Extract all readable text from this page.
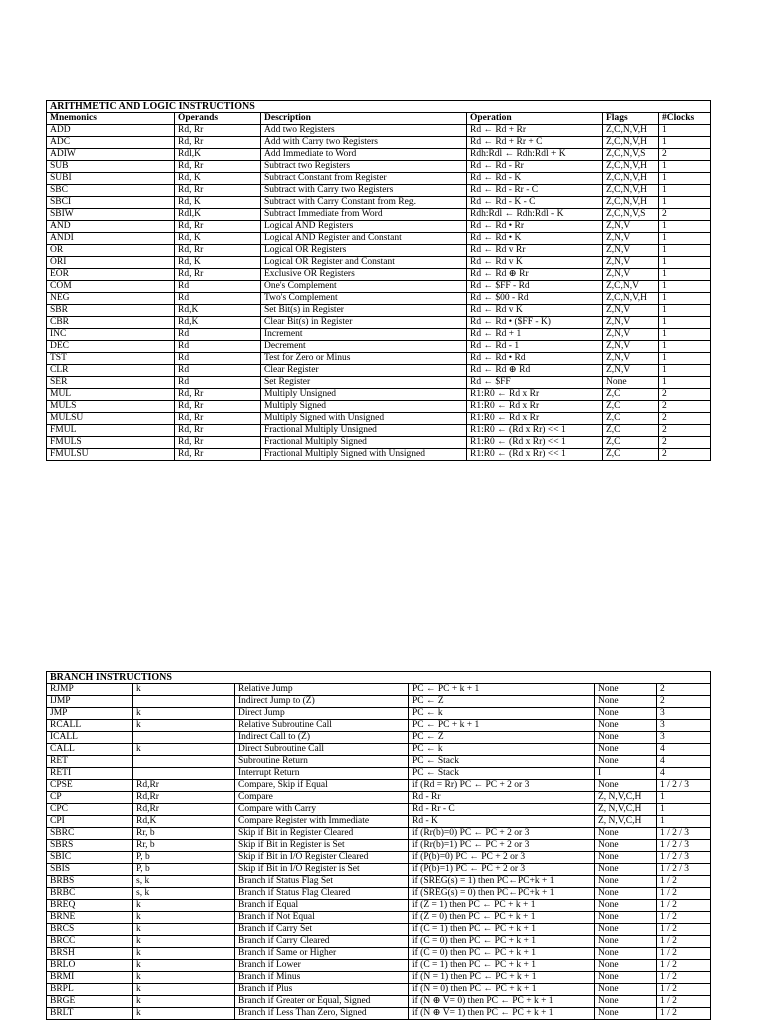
ARITHMETIC AND LOGIC INSTRUCTIONS					
Mnemonics	Operands	Description	Operation	Flags	#Clocks
ADD	Rd, Rr	Add two Registers	Rd ← Rd + Rr	Z,C,N,V,H	1
ADC	Rd, Rr	Add with Carry two Registers	Rd ← Rd + Rr + C	Z,C,N,V,H	1
ADIW	Rdl,K	Add Immediate to Word	Rdh:Rdl ← Rdh:Rdl + K	Z,C,N,V,S	2
SUB	Rd, Rr	Subtract two Registers	Rd ← Rd - Rr	Z,C,N,V,H	1
SUBI	Rd, K	Subtract Constant from Register	Rd ← Rd - K	Z,C,N,V,H	1
SBC	Rd, Rr	Subtract with Carry two Registers	Rd ← Rd - Rr - C	Z,C,N,V,H	1
SBCI	Rd, K	Subtract with Carry Constant from Reg.	Rd ← Rd - K - C	Z,C,N,V,H	1
SBIW	Rdl,K	Subtract Immediate from Word	Rdh:Rdl ← Rdh:Rdl - K	Z,C,N,V,S	2
AND	Rd, Rr	Logical AND Registers	Rd ← Rd • Rr	Z,N,V	1
ANDI	Rd, K	Logical AND Register and Constant	Rd ← Rd • K	Z,N,V	1
OR	Rd, Rr	Logical OR Registers	Rd ← Rd v Rr	Z,N,V	1
ORI	Rd, K	Logical OR Register and Constant	Rd ← Rd v K	Z,N,V	1
EOR	Rd, Rr	Exclusive OR Registers	Rd ← Rd ⊕ Rr	Z,N,V	1
COM	Rd	One's Complement	Rd ← $FF - Rd	Z,C,N,V	1
NEG	Rd	Two's Complement	Rd ← $00 - Rd	Z,C,N,V,H	1
SBR	Rd,K	Set Bit(s) in Register	Rd ← Rd v K	Z,N,V	1
CBR	Rd,K	Clear Bit(s) in Register	Rd ← Rd • ($FF - K)	Z,N,V	1
INC	Rd	Increment	Rd ← Rd + 1	Z,N,V	1
DEC	Rd	Decrement	Rd ← Rd - 1	Z,N,V	1
TST	Rd	Test for Zero or Minus	Rd ← Rd • Rd	Z,N,V	1
CLR	Rd	Clear Register	Rd ← Rd ⊕ Rd	Z,N,V	1
SER	Rd	Set Register	Rd ← $FF	None	1
MUL	Rd, Rr	Multiply Unsigned	R1:R0 ← Rd x Rr	Z,C	2
MULS	Rd, Rr	Multiply Signed	R1:R0 ← Rd x Rr	Z,C	2
MULSU	Rd, Rr	Multiply Signed with Unsigned	R1:R0 ← Rd x Rr	Z,C	2
FMUL	Rd, Rr	Fractional Multiply Unsigned	R1:R0 ← (Rd x Rr) << 1	Z,C	2
FMULS	Rd, Rr	Fractional Multiply Signed	R1:R0 ← (Rd x Rr) << 1	Z,C	2
FMULSU	Rd, Rr	Fractional Multiply Signed with Unsigned	R1:R0 ← (Rd x Rr) << 1	Z,C	2
BRANCH INSTRUCTIONS					
RJMP	k	Relative Jump	PC ← PC + k + 1	None	2
IJMP		Indirect Jump to (Z)	PC ← Z	None	2
JMP	k	Direct Jump	PC ← k	None	3
RCALL	k	Relative Subroutine Call	PC ← PC + k + 1	None	3
ICALL		Indirect Call to (Z)	PC ← Z	None	3
CALL	k	Direct Subroutine Call	PC ← k	None	4
RET		Subroutine Return	PC ← Stack	None	4
RETI		Interrupt Return	PC ← Stack	I	4
CPSE	Rd,Rr	Compare, Skip if Equal	if (Rd = Rr) PC ← PC + 2 or 3	None	1 / 2 / 3
CP	Rd,Rr	Compare	Rd - Rr	Z, N,V,C,H	1
CPC	Rd,Rr	Compare with Carry	Rd - Rr - C	Z, N,V,C,H	1
CPI	Rd,K	Compare Register with Immediate	Rd - K	Z, N,V,C,H	1
SBRC	Rr, b	Skip if Bit in Register Cleared	if (Rr(b)=0) PC ← PC + 2 or 3	None	1 / 2 / 3
SBRS	Rr, b	Skip if Bit in Register is Set	if (Rr(b)=1) PC ← PC + 2 or 3	None	1 / 2 / 3
SBIC	P, b	Skip if Bit in I/O Register Cleared	if (P(b)=0) PC ← PC + 2 or 3	None	1 / 2 / 3
SBIS	P, b	Skip if Bit in I/O Register is Set	if (P(b)=1) PC ← PC + 2 or 3	None	1 / 2 / 3
BRBS	s, k	Branch if Status Flag Set	if (SREG(s) = 1) then PC←PC+k + 1	None	1 / 2
BRBC	s, k	Branch if Status Flag Cleared	if (SREG(s) = 0) then PC←PC+k + 1	None	1 / 2
BREQ	k	Branch if Equal	if (Z = 1) then PC ← PC + k + 1	None	1 / 2
BRNE	k	Branch if Not Equal	if (Z = 0) then PC ← PC + k + 1	None	1 / 2
BRCS	k	Branch if Carry Set	if (C = 1) then PC ← PC + k + 1	None	1 / 2
BRCC	k	Branch if Carry Cleared	if (C = 0) then PC ← PC + k + 1	None	1 / 2
BRSH	k	Branch if Same or Higher	if (C = 0) then PC ← PC + k + 1	None	1 / 2
BRLO	k	Branch if Lower	if (C = 1) then PC ← PC + k + 1	None	1 / 2
BRMI	k	Branch if Minus	if (N = 1) then PC ← PC + k + 1	None	1 / 2
BRPL	k	Branch if Plus	if (N = 0) then PC ← PC + k + 1	None	1 / 2
BRGE	k	Branch if Greater or Equal, Signed	if (N ⊕ V= 0) then PC ← PC + k + 1	None	1 / 2
BRLT	k	Branch if Less Than Zero, Signed	if (N ⊕ V= 1) then PC ← PC + k + 1	None	1 / 2
